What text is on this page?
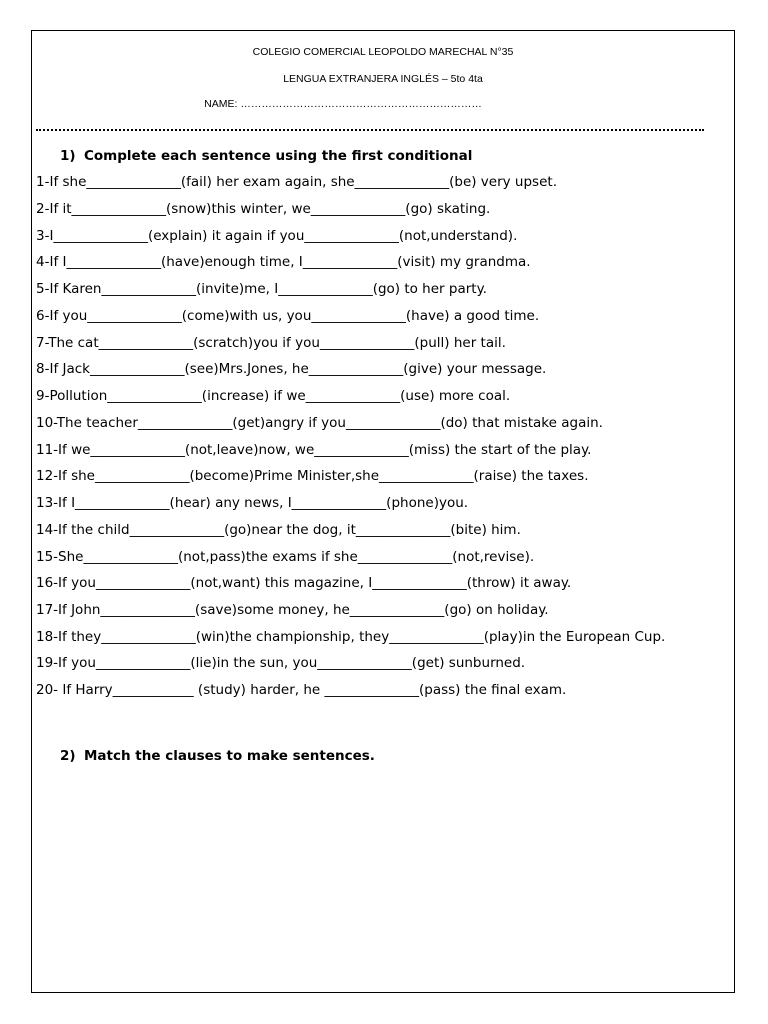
COLEGIO COMERCIAL LEOPOLDO MARECHAL N°35
LENGUA EXTRANJERA INGLÉS – 5to 4ta
NAME: ……………………………………………………………
1) Complete each sentence using the first conditional
1-If she______________(fail) her exam again, she______________(be) very upset.
2-If it______________(snow)this winter, we______________(go) skating.
3-I______________(explain) it again if you______________(not,understand).
4-If I______________(have)enough time, I______________(visit) my grandma.
5-If Karen______________(invite)me, I______________(go) to her party.
6-If you______________(come)with us, you______________(have) a good time.
7-The cat______________(scratch)you if you______________(pull) her tail.
8-If Jack______________(see)Mrs.Jones, he______________(give) your message.
9-Pollution______________(increase) if we______________(use) more coal.
10-The teacher______________(get)angry if you______________(do) that mistake again.
11-If we______________(not,leave)now, we______________(miss) the start of the play.
12-If she______________(become)Prime Minister,she______________(raise) the taxes.
13-If I______________(hear) any news, I______________(phone)you.
14-If the child______________(go)near the dog, it______________(bite) him.
15-She______________(not,pass)the exams if she______________(not,revise).
16-If you______________(not,want) this magazine, I______________(throw) it away.
17-If John______________(save)some money, he______________(go) on holiday.
18-If they______________(win)the championship, they______________(play)in the European Cup.
19-If you______________(lie)in the sun, you______________(get) sunburned.
20- If Harry____________ (study) harder, he ______________(pass) the final exam.
2) Match the clauses to make sentences.
